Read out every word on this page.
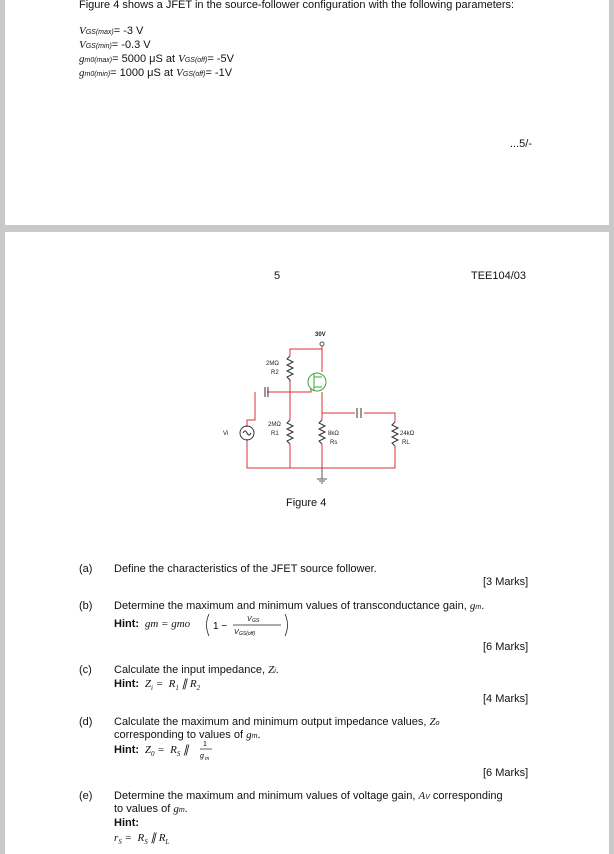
Figure 4 shows a JFET in the source-follower configuration with the following parameters:
VGS(max)= -3 V
VGS(min)= -0.3 V
gm0(max)= 5000 μS at VGS(off)= -5V
gm0(min)= 1000 μS at VGS(off)= -1V
...5/-
5	TEE104/03
30V
2MΩ
R2
2MΩ
R1	8kΩ
Rs
24kΩ
RL
Vi
Figure 4
(a) Define the characteristics of the JFET source follower.
[3 Marks]
(b) Determine the maximum and minimum values of transconductance gain, gm.
Hint:  gm = gmo 1 −
V GS
V GS(off)
[6 Marks]
(c) Calculate the input impedance, Zi.
Hint:  $Z_i = R_1$ ∥ $R_2$
[4 Marks]
(d) Calculate the maximum and minimum output impedance values, Zo
corresponding to values of gm.
Hint:  $Z_0 = R_S$ ∥ 1
g m
[6 Marks]
(e) Determine the maximum and minimum values of voltage gain, AV corresponding
to values of gm.
Hint:
$r_S = R_S$ ∥ $R_L$
